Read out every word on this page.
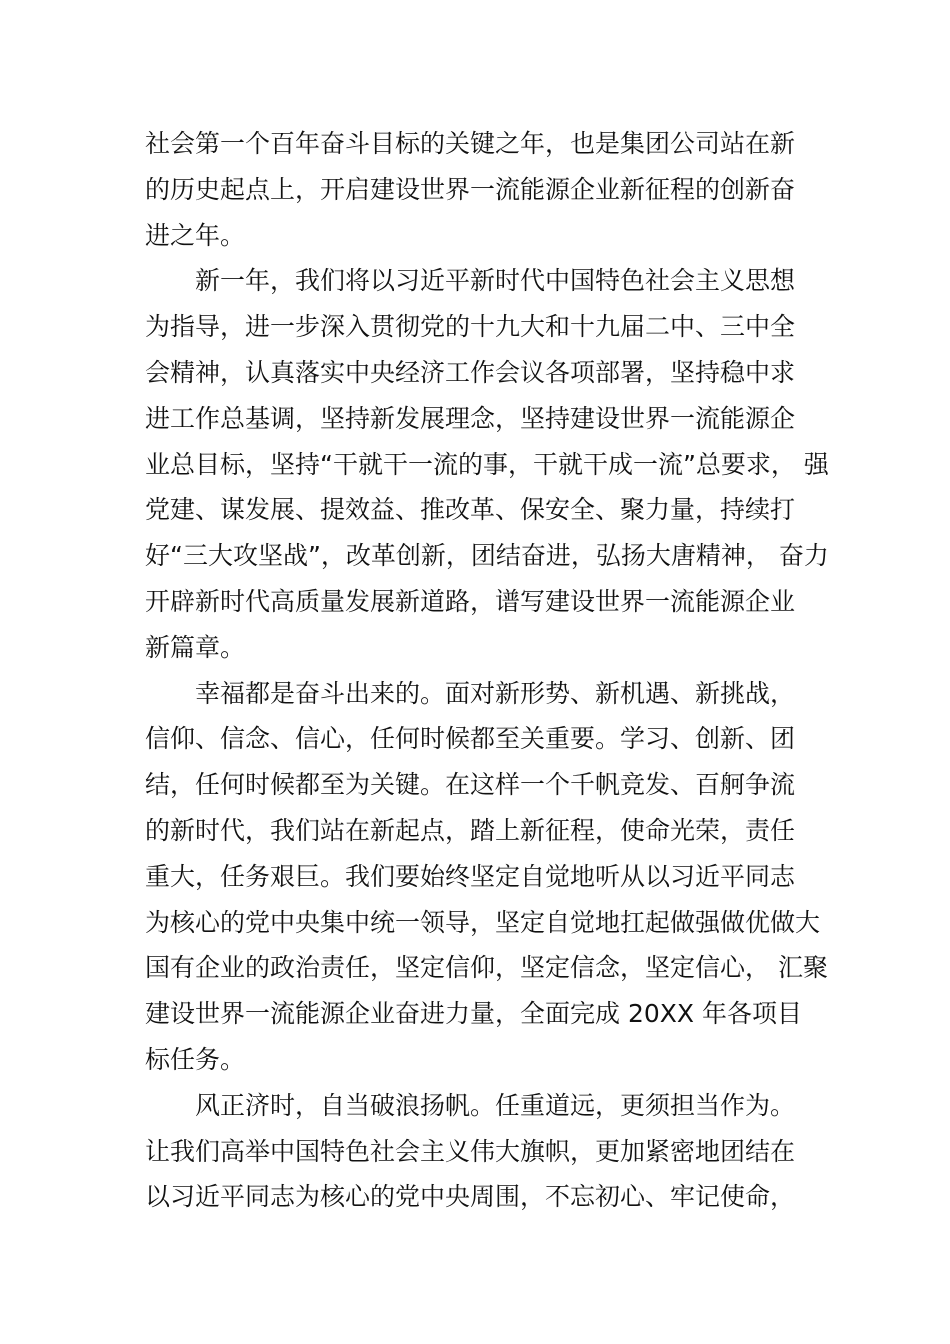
社会第一个百年奋斗目标的关键之年，也是集团公司站在新
的历史起点上，开启建设世界一流能源企业新征程的创新奋
进之年。
新一年，我们将以习近平新时代中国特色社会主义思想
为指导，进一步深入贯彻党的十九大和十九届二中、三中全
会精神，认真落实中央经济工作会议各项部署，坚持稳中求
进工作总基调，坚持新发展理念，坚持建设世界一流能源企
业总目标，坚持“干就干一流的事，干就干成一流”总要求， 强
党建、谋发展、提效益、推改革、保安全、聚力量，持续打
好“三大攻坚战”，改革创新，团结奋进，弘扬大唐精神， 奋力
开辟新时代高质量发展新道路，谱写建设世界一流能源企业
新篇章。
幸福都是奋斗出来的。面对新形势、新机遇、新挑战，
信仰、信念、信心，任何时候都至关重要。学习、创新、团
结，任何时候都至为关键。在这样一个千帆竞发、百舸争流
的新时代，我们站在新起点，踏上新征程，使命光荣，责任
重大，任务艰巨。我们要始终坚定自觉地听从以习近平同志
为核心的党中央集中统一领导，坚定自觉地扛起做强做优做大
国有企业的政治责任，坚定信仰，坚定信念，坚定信心， 汇聚
建设世界一流能源企业奋进力量，全面完成 20XX 年各项目
标任务。
风正济时，自当破浪扬帆。任重道远，更须担当作为。
让我们高举中国特色社会主义伟大旗帜，更加紧密地团结在
以习近平同志为核心的党中央周围，不忘初心、牢记使命，
